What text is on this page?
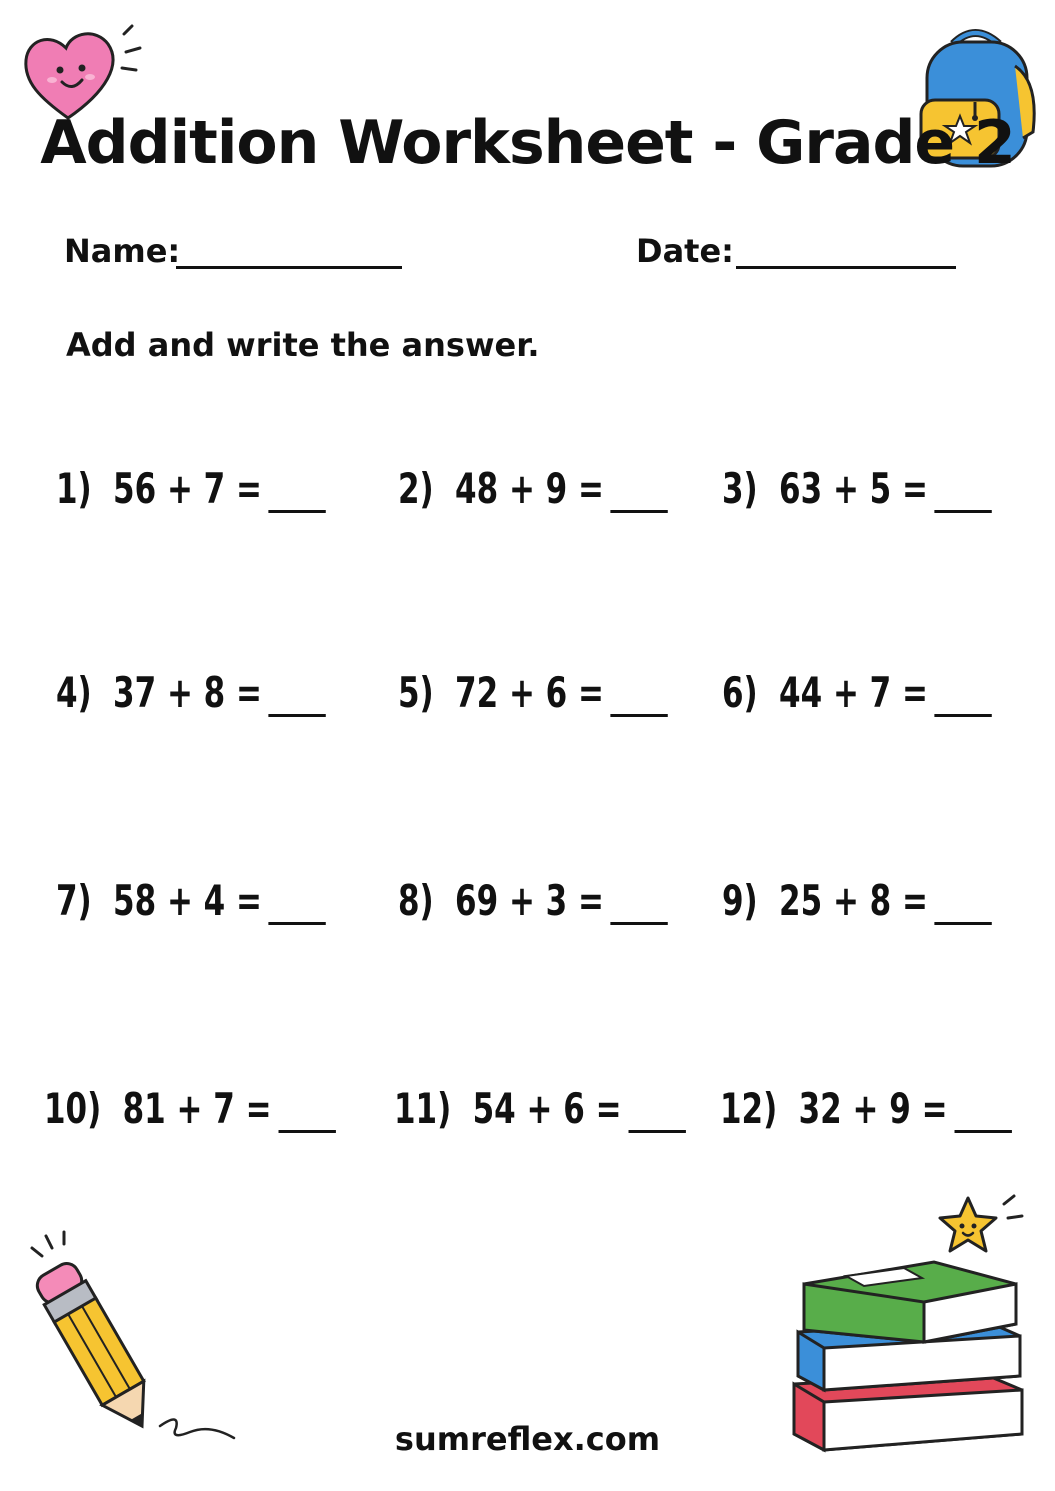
Addition Worksheet - Grade 2
Name:	Date:
Add and write the answer.
1) 56 + 7 =	2) 48 + 9 =	3) 63 + 5 =
4) 37 + 8 =	5) 72 + 6 =	6) 44 + 7 =
7) 58 + 4 =	8) 69 + 3 =	9) 25 + 8 =
10) 81 + 7 =	11) 54 + 6 =	12) 32 + 9 =
sumreflex.com
